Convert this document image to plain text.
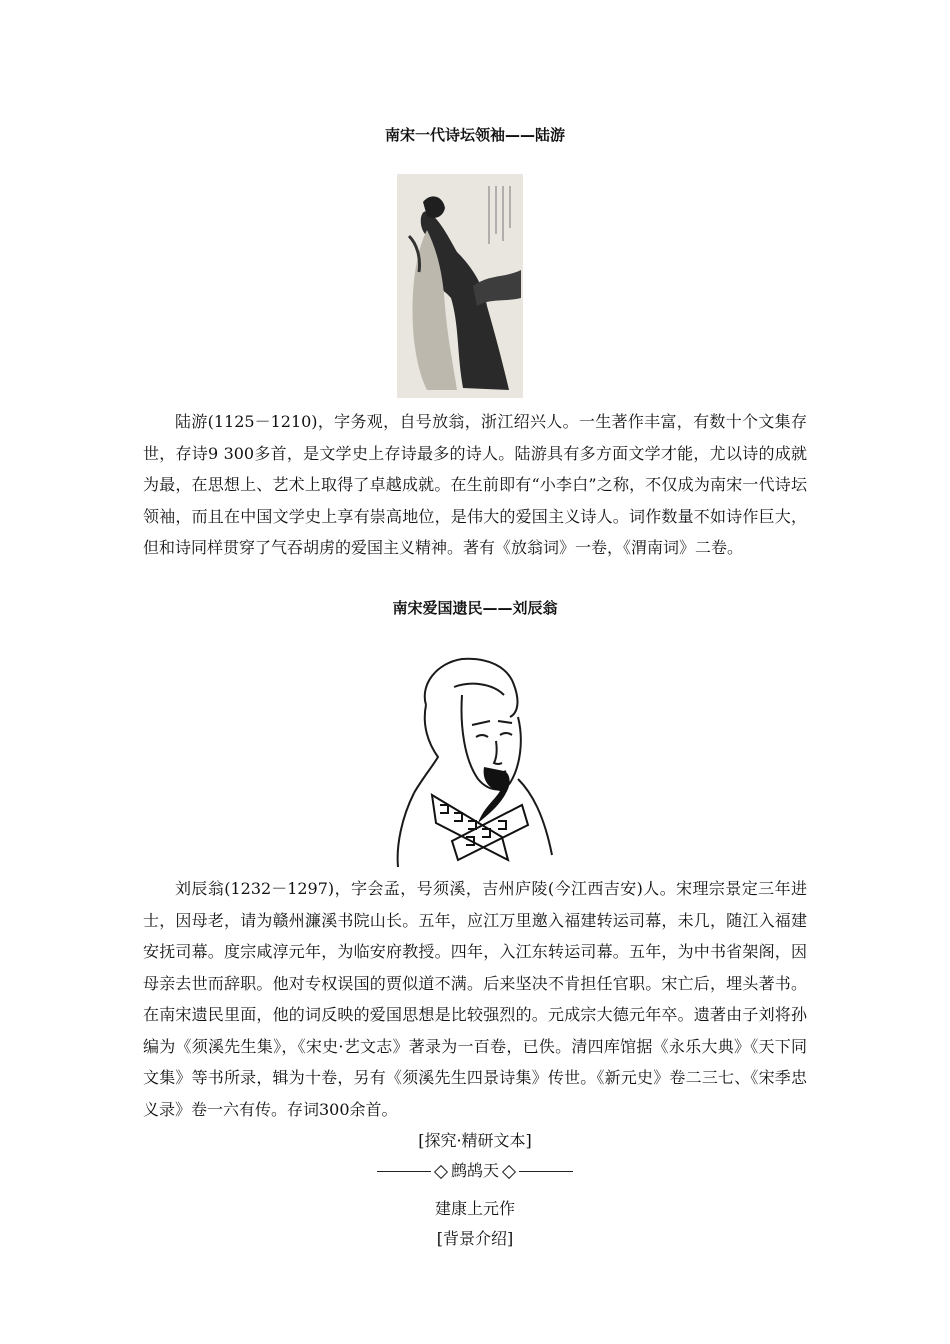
南宋一代诗坛领袖——陆游

陆游(1125－1210)，字务观，自号放翁，浙江绍兴人。一生著作丰富，有数十个文集存世，存诗9 300多首，是文学史上存诗最多的诗人。陆游具有多方面文学才能，尤以诗的成就为最，在思想上、艺术上取得了卓越成就。在生前即有“小李白”之称，不仅成为南宋一代诗坛领袖，而且在中国文学史上享有崇高地位，是伟大的爱国主义诗人。词作数量不如诗作巨大，但和诗同样贯穿了气吞胡虏的爱国主义精神。著有《放翁词》一卷，《渭南词》二卷。

南宋爱国遗民——刘辰翁

刘辰翁(1232－1297)，字会孟，号须溪，吉州庐陵(今江西吉安)人。宋理宗景定三年进士，因母老，请为赣州濂溪书院山长。五年，应江万里邀入福建转运司幕，未几，随江入福建安抚司幕。度宗咸淳元年，为临安府教授。四年，入江东转运司幕。五年，为中书省架阁，因母亲去世而辞职。他对专权误国的贾似道不满。后来坚决不肯担任官职。宋亡后，埋头著书。在南宋遗民里面，他的词反映的爱国思想是比较强烈的。元成宗大德元年卒。遗著由子刘将孙编为《须溪先生集》，《宋史·艺文志》著录为一百卷，已佚。清四库馆据《永乐大典》《天下同文集》等书所录，辑为十卷，另有《须溪先生四景诗集》传世。《新元史》卷二三七、《宋季忠义录》卷一六有传。存词300余首。

[探究·精研文本]
鹧鸪天
建康上元作
[背景介绍]
